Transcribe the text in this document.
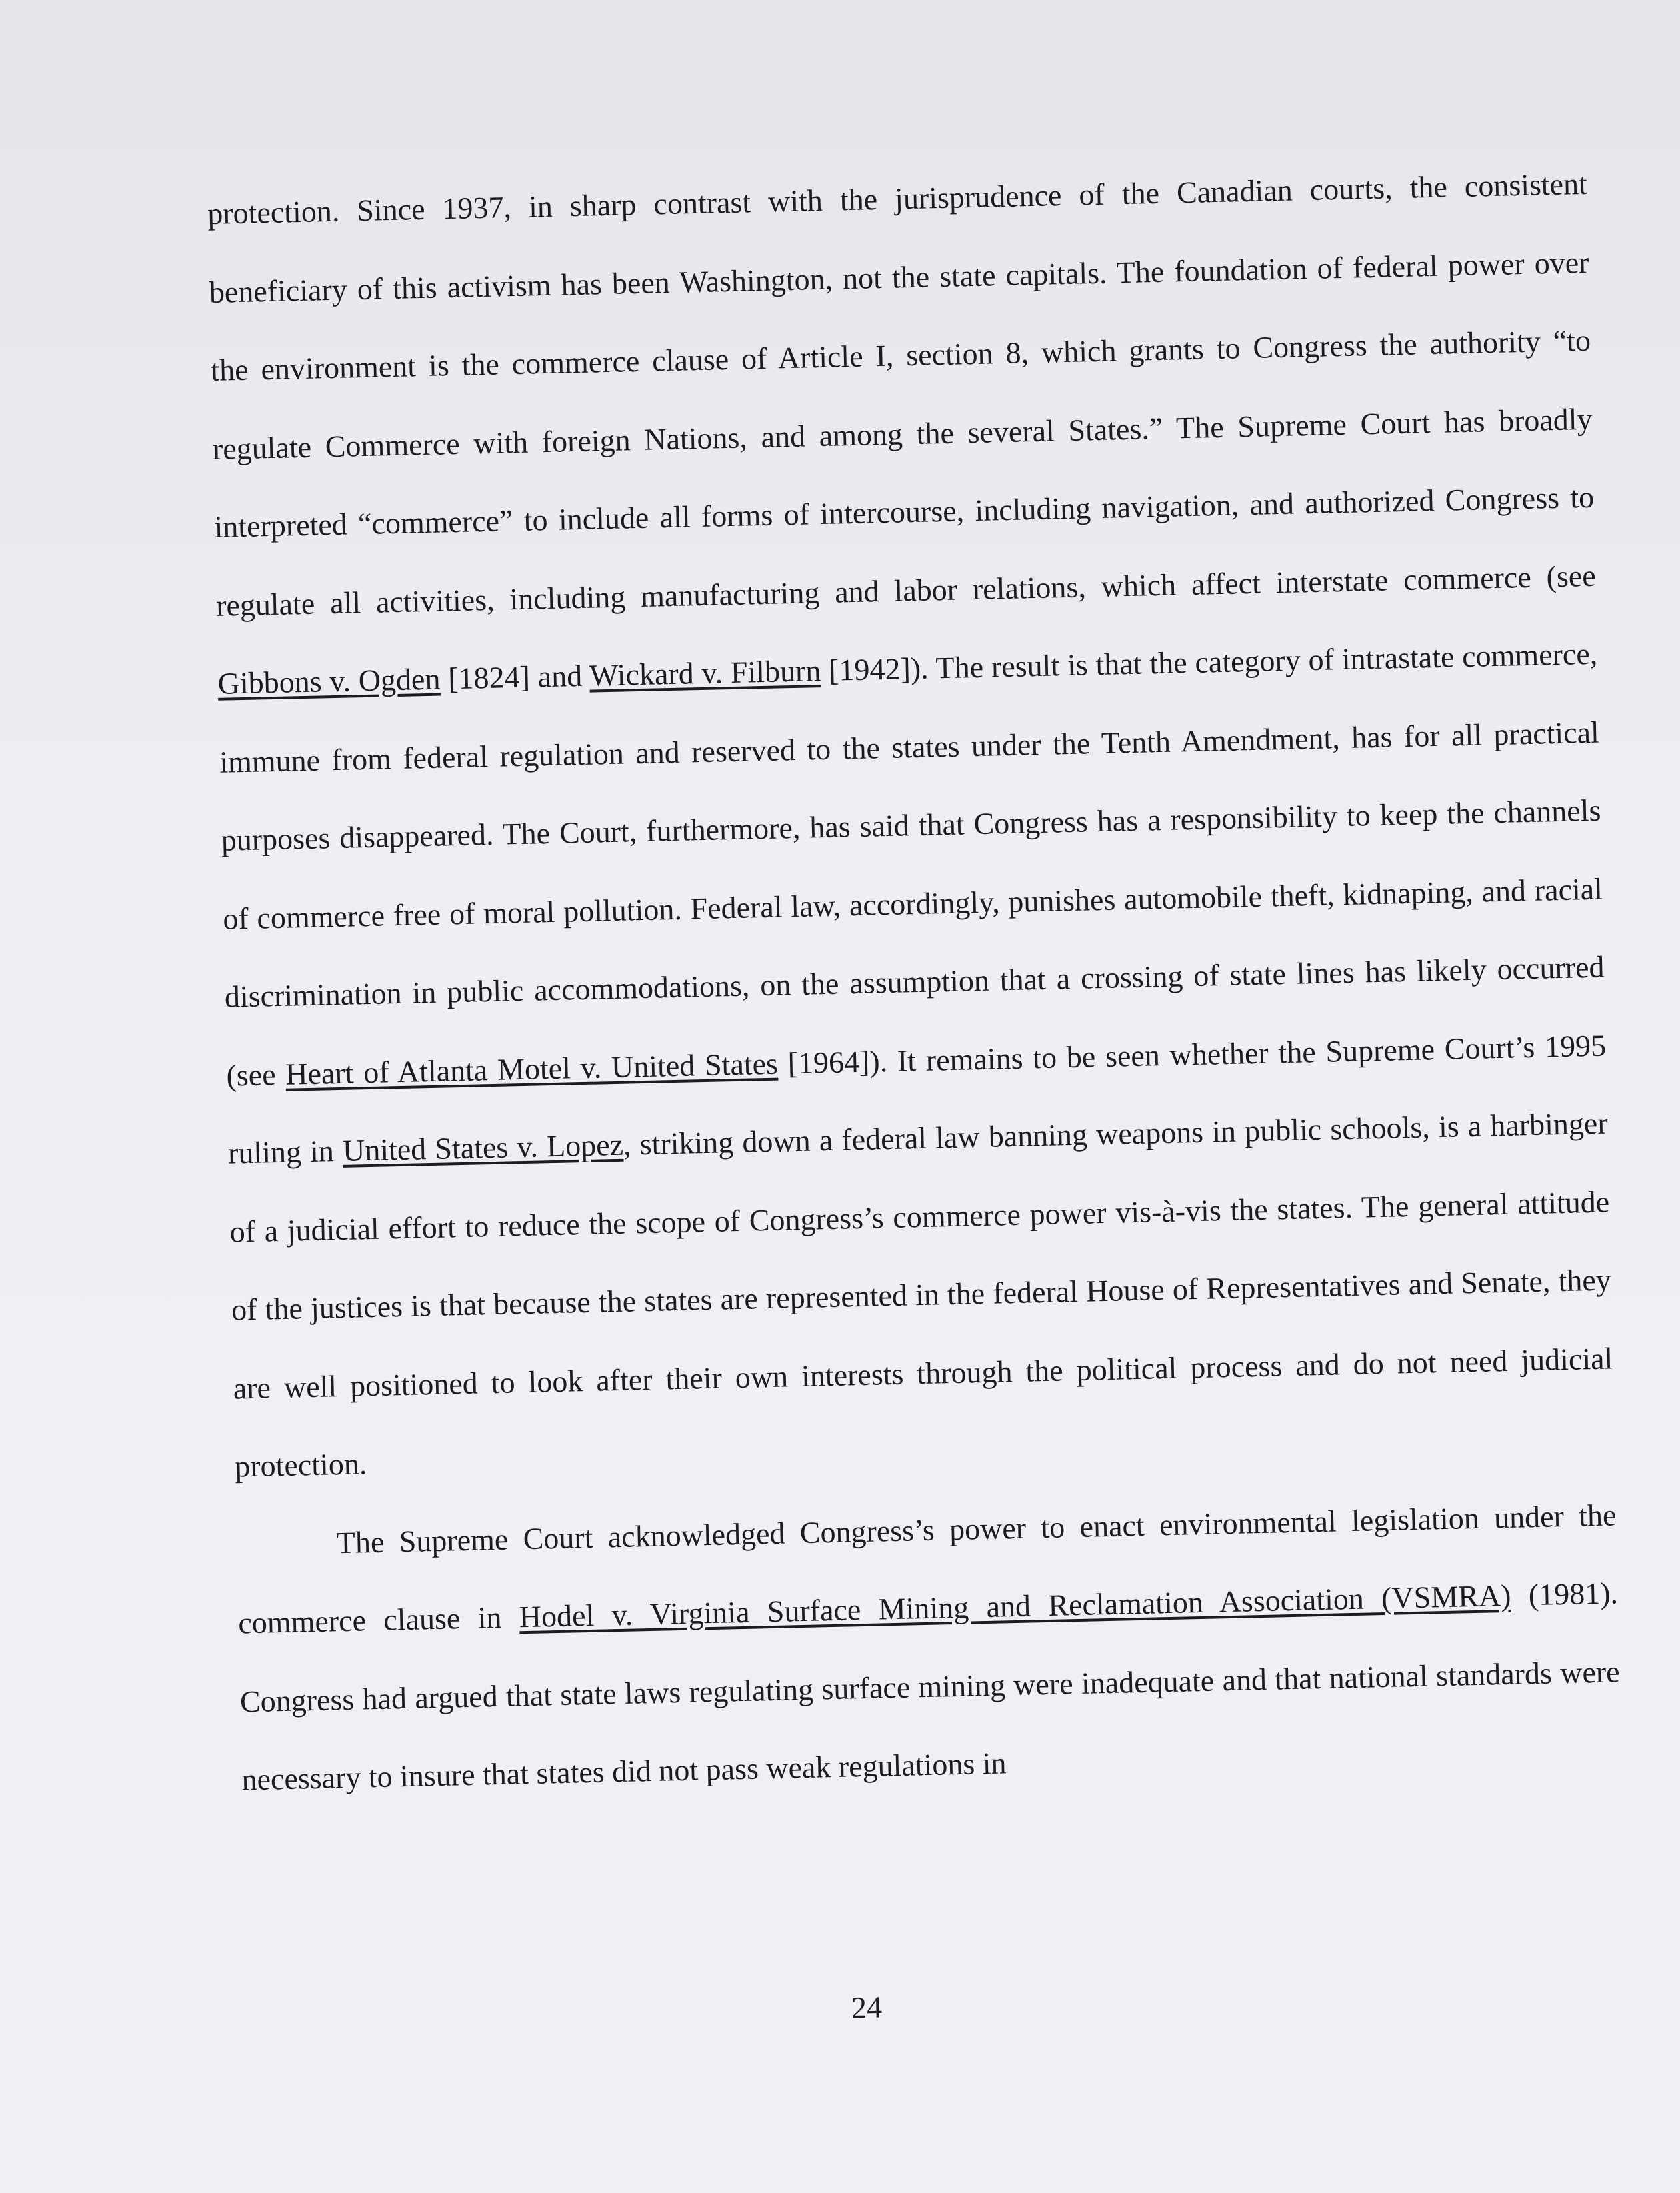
protection. Since 1937, in sharp contrast with the jurisprudence of the Canadian courts, the consistent beneficiary of this activism has been Washington, not the state capitals. The foundation of federal power over the environment is the commerce clause of Article I, section 8, which grants to Congress the authority “to regulate Commerce with foreign Nations, and among the several States.” The Supreme Court has broadly interpreted “commerce” to include all forms of intercourse, including navigation, and authorized Congress to regulate all activities, including manufacturing and labor relations, which affect interstate commerce (see Gibbons v. Ogden [1824] and Wickard v. Filburn [1942]). The result is that the category of intrastate commerce, immune from federal regulation and reserved to the states under the Tenth Amendment, has for all practical purposes disappeared. The Court, furthermore, has said that Congress has a responsibility to keep the channels of commerce free of moral pollution. Federal law, accordingly, punishes automobile theft, kidnaping, and racial discrimination in public accommodations, on the assumption that a crossing of state lines has likely occurred (see Heart of Atlanta Motel v. United States [1964]). It remains to be seen whether the Supreme Court’s 1995 ruling in United States v. Lopez, striking down a federal law banning weapons in public schools, is a harbinger of a judicial effort to reduce the scope of Congress’s commerce power vis-à-vis the states. The general attitude of the justices is that because the states are represented in the federal House of Representatives and Senate, they are well positioned to look after their own interests through the political process and do not need judicial protection.

The Supreme Court acknowledged Congress’s power to enact environmental legislation under the commerce clause in Hodel v. Virginia Surface Mining and Reclamation Association (VSMRA) (1981). Congress had argued that state laws regulating surface mining were inadequate and that national standards were necessary to insure that states did not pass weak regulations in

24
